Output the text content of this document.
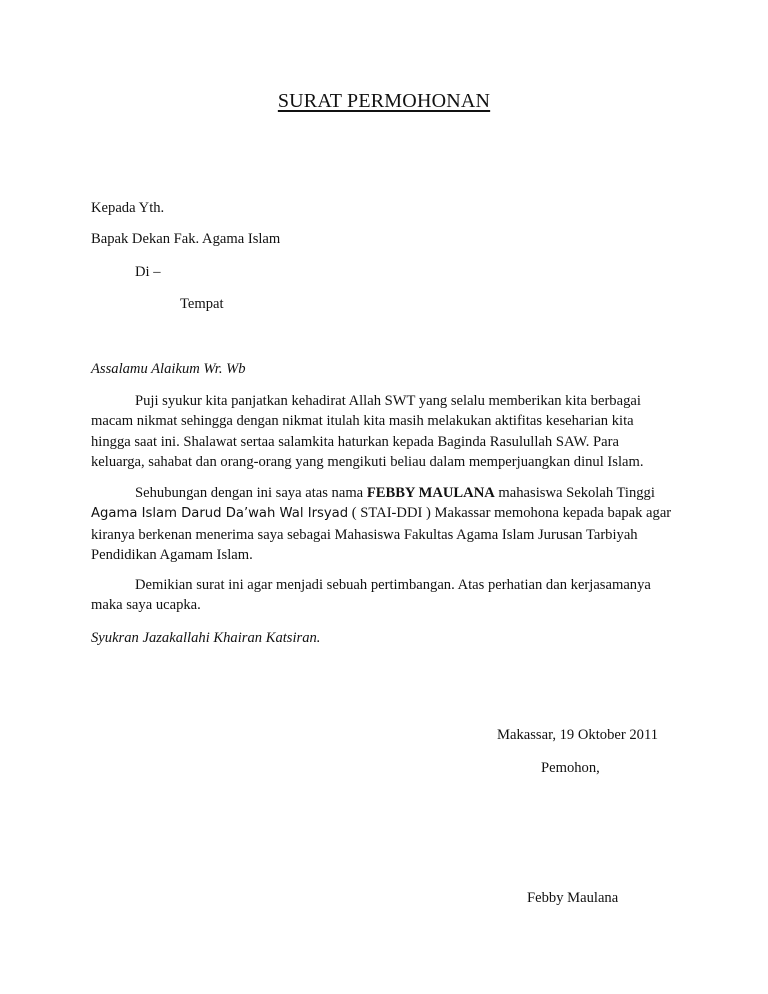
SURAT PERMOHONAN
Kepada Yth.
Bapak Dekan Fak. Agama Islam
Di –
Tempat
Assalamu Alaikum Wr. Wb
Puji syukur kita panjatkan kehadirat Allah SWT yang selalu memberikan kita berbagai
macam nikmat sehingga dengan nikmat itulah kita masih melakukan aktifitas keseharian kita
hingga saat ini. Shalawat sertaa salamkita haturkan kepada Baginda Rasulullah SAW. Para
keluarga, sahabat dan orang-orang yang mengikuti beliau dalam memperjuangkan dinul Islam.
Sehubungan dengan ini saya atas nama FEBBY MAULANA mahasiswa Sekolah Tinggi
Agama Islam Darud Da’wah Wal Irsyad ( STAI-DDI ) Makassar memohona kepada bapak agar
kiranya berkenan menerima saya sebagai Mahasiswa Fakultas Agama Islam Jurusan Tarbiyah
Pendidikan Agamam Islam.
Demikian surat ini agar menjadi sebuah pertimbangan. Atas perhatian dan kerjasamanya
maka saya ucapka.
Syukran Jazakallahi Khairan Katsiran.
Makassar, 19 Oktober 2011
Pemohon,
Febby Maulana
